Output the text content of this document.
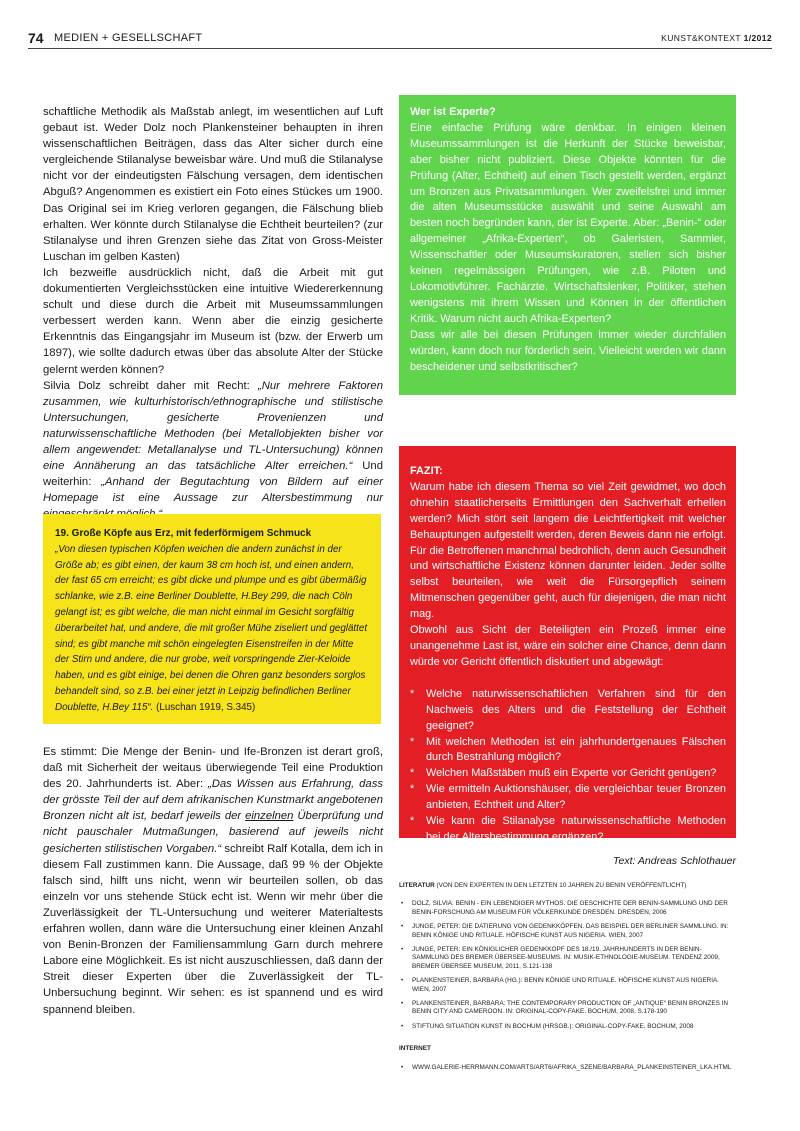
74 MEDIEN + GESELLSCHAFT	KUNST&KONTEXT 1/2012

schaftliche Methodik als Maßstab anlegt, im wesentlichen auf Luft gebaut ist. Weder Dolz noch Plankensteiner behaupten in ihren wissenschaftlichen Beiträgen, dass das Alter sicher durch eine vergleichende Stilanalyse beweisbar wäre. Und muß die Stilanalyse nicht vor der eindeutigsten Fälschung versagen, dem identischen Abguß? Angenommen es existiert ein Foto eines Stückes um 1900. Das Original sei im Krieg verloren gegangen, die Fälschung blieb erhalten. Wer könnte durch Stilanalyse die Echtheit beurteilen? (zur Stilanalyse und ihren Grenzen siehe das Zitat von Gross-Meister Luschan im gelben Kasten)

Ich bezweifle ausdrücklich nicht, daß die Arbeit mit gut dokumentierten Vergleichsstücken eine intuitive Wiedererkennung schult und diese durch die Arbeit mit Museumssammlungen verbessert werden kann. Wenn aber die einzig gesicherte Erkenntnis das Eingangsjahr im Museum ist (bzw. der Erwerb um 1897), wie sollte dadurch etwas über das absolute Alter der Stücke gelernt werden können?

Silvia Dolz schreibt daher mit Recht: „Nur mehrere Faktoren zusammen, wie kulturhistorisch/ethnographische und stilistische Untersuchungen, gesicherte Provenienzen und naturwissenschaftliche Methoden (bei Metallobjekten bisher vor allem angewendet: Metallanalyse und TL-Untersuchung) können eine Annäherung an das tatsächliche Alter erreichen.“ Und weiterhin: „Anhand der Begutachtung von Bildern auf einer Homepage ist eine Aussage zur Altersbestimmung nur

19. Große Köpfe aus Erz, mit federförmigem Schmuck
„Von diesen typischen Köpfen weichen die andern zunächst in der Größe ab; es gibt einen, der kaum 38 cm hoch ist, und einen andern, der fast 65 cm erreicht; es gibt dicke und plumpe und es gibt übermäßig schlanke, wie z.B. eine Berliner Doublette, H.Bey 299, die nach Cöln gelangt ist; es gibt welche, die man nicht einmal im Gesicht sorgfältig überarbeitet hat, und andere, die mit großer Mühe ziseliert und geglättet sind; es gibt manche mit schön eingelegten Eisenstreifen in der Mitte der Stirn und andere, die nur grobe, weit vorspringende Zier-Keloide haben, und es gibt einige, bei denen die Ohren ganz besonders sorglos behandelt sind, so z.B. bei einer jetzt in Leipzig befindlichen Berliner Doublette, H.Bey 115“. (Luschan 1919, S.345)

Es stimmt: Die Menge der Benin- und Ife-Bronzen ist derart groß, daß mit Sicherheit der weitaus überwiegende Teil eine Produktion des 20. Jahrhunderts ist. Aber: „Das Wissen aus Erfahrung, dass der grösste Teil der auf dem afrikanischen Kunstmarkt angebotenen Bronzen nicht alt ist, bedarf jeweils der einzelnen Überprüfung und nicht pauschaler Mutmaßungen, basierend auf jeweils nicht gesicherten stilistischen Vorgaben.“ schreibt Ralf Kotalla, dem ich in diesem Fall zustimmen kann. Die Aussage, daß 99 % der Objekte falsch sind, hilft uns nicht, wenn wir beurteilen sollen, ob das einzeln vor uns stehende Stück echt ist. Wenn wir mehr über die Zuverlässigkeit der TL-Untersuchung und weiterer Materialtests erfahren wollen, dann wäre die Untersuchung einer kleinen Anzahl von Benin-Bronzen der Familiensammlung Garn durch mehrere Labore eine Möglichkeit. Es ist nicht auszuschliessen, daß dann der Streit dieser Experten über die Zuverlässigkeit der TL-Unbersuchung beginnt. Wir sehen: es ist spannend und es wird spannend bleiben.

Wer ist Experte?

Eine einfache Prüfung wäre denkbar. In einigen kleinen Museumssammlungen ist die Herkunft der Stücke beweisbar, aber bisher nicht publiziert. Diese Objekte könnten für die Prüfung (Alter, Echtheit) auf einen Tisch gestellt werden, ergänzt um Bronzen aus Privatsammlungen. Wer zweifelsfrei und immer die alten Museumsstücke auswählt und seine Auswahl am besten noch begründen kann, der ist Experte. Aber: „Benin-“ oder allgemeiner „Afrika-Experten“, ob Galeristen, Sammler, Wissenschaftler oder Museumskuratoren, stellen sich bisher keinen regelmässigen Prüfungen, wie z.B. Piloten und Lokomotivführer. Fachärzte. Wirtschaftslenker, Politiker, stehen wenigstens mit ihrem Wissen und Können in der öffentlichen Kritik. Warum nicht auch Afrika-Experten?

Dass wir alle bei diesen Prüfungen immer wieder durchfallen würden, kann doch nur förderlich sein. Vielleicht werden wir dann bescheidener und selbstkritischer?

FAZIT:

Warum habe ich diesem Thema so viel Zeit gewidmet, wo doch ohnehin staatlicherseits Ermittlungen den Sachverhalt erhellen werden? Mich stört seit langem die Leichtfertigkeit mit welcher Behauptungen aufgestellt werden, deren Beweis dann nie erfolgt. Für die Betroffenen manchmal bedrohlich, denn auch Gesundheit und wirtschaftliche Existenz können darunter leiden. Jeder sollte selbst beurteilen, wie weit die Fürsorgepflich seinem Mitmenschen gegenüber geht, auch für diejenigen, die man nicht mag.

Obwohl aus Sicht der Beteiligten ein Prozeß immer eine unangenehme Last ist, wäre ein solcher eine Chance, denn dann würde vor Gericht öffentlich diskutiert und abgewägt:

* Welche naturwissenschaftlichen Verfahren sind für den Nachweis des Alters und die Feststellung der Echtheit geeignet?
* Mit welchen Methoden ist ein jahrhundertgenaues Fälschen durch Bestrahlung möglich?
* Welchen Maßstäben muß ein Experte vor Gericht genügen?
* Wie ermitteln Auktionshäuser, die vergleichbar teuer Bronzen anbieten, Echtheit und Alter?
* Wie kann die Stilanalyse naturwissenschaftliche Methoden bei der Altersbestimmung ergänzen?
Text: Andreas Schlothauer
LITERATUR (VON DEN EXPERTEN IN DEN LETZTEN 10 JAHREN ZU BENIN VERÖFFENTLICHT)
• DOLZ, SILVIA: BENIN - EIN LEBENDIGER MYTHOS. DIE GESCHICHTE DER BENIN-SAMMLUNG UND DER BENIN-FORSCHUNG AM MUSEUM FÜR VÖLKERKUNDE DRESDEN. DRESDEN, 2006
• JUNGE, PETER: DIE DATIERUNG VON GEDENKKÖPFEN. DAS BEISPIEL DER BERLINER SAMMLUNG. IN: BENIN KÖNIGE UND RITUALE. HÖFISCHE KUNST AUS NIGERIA. WIEN, 2007
• JUNGE, PETER: EIN KÖNIGLICHER GEDENKKOPF DES 18./19. JAHRHUNDERTS IN DER BENIN-SAMMLUNG DES BREMER ÜBERSEE-MUSEUMS. IN: MUSIK-ETHNOLOGIE-MUSEUM. TENDENZ 2009, BREMER ÜBERSEE MUSEUM, 2011, S.121-138
• PLANKENSTEINER, BARBARA (HG.): BENIN KÖNIGE UND RITUALE. HÖFISCHE KUNST AUS NIGERIA. WIEN, 2007
• PLANKENSTEINER, BARBARA: THE CONTEMPORARY PRODUCTION OF „ANTIQUE“ BENIN BRONZES IN BENIN CITY AND CAMEROON. IN: ORIGINAL-COPY-FAKE. BOCHUM, 2008, S.178-190
• STIFTUNG SITUATION KUNST IN BOCHUM (HRSGB.): ORIGINAL-COPY-FAKE. BOCHUM, 2008
INTERNET
• WWW.GALERIE-HERRMANN.COM/ARTS/ART6/AFRIKA_SZENE/BARBARA_PLANKEINSTEINER_LKA.HTML
